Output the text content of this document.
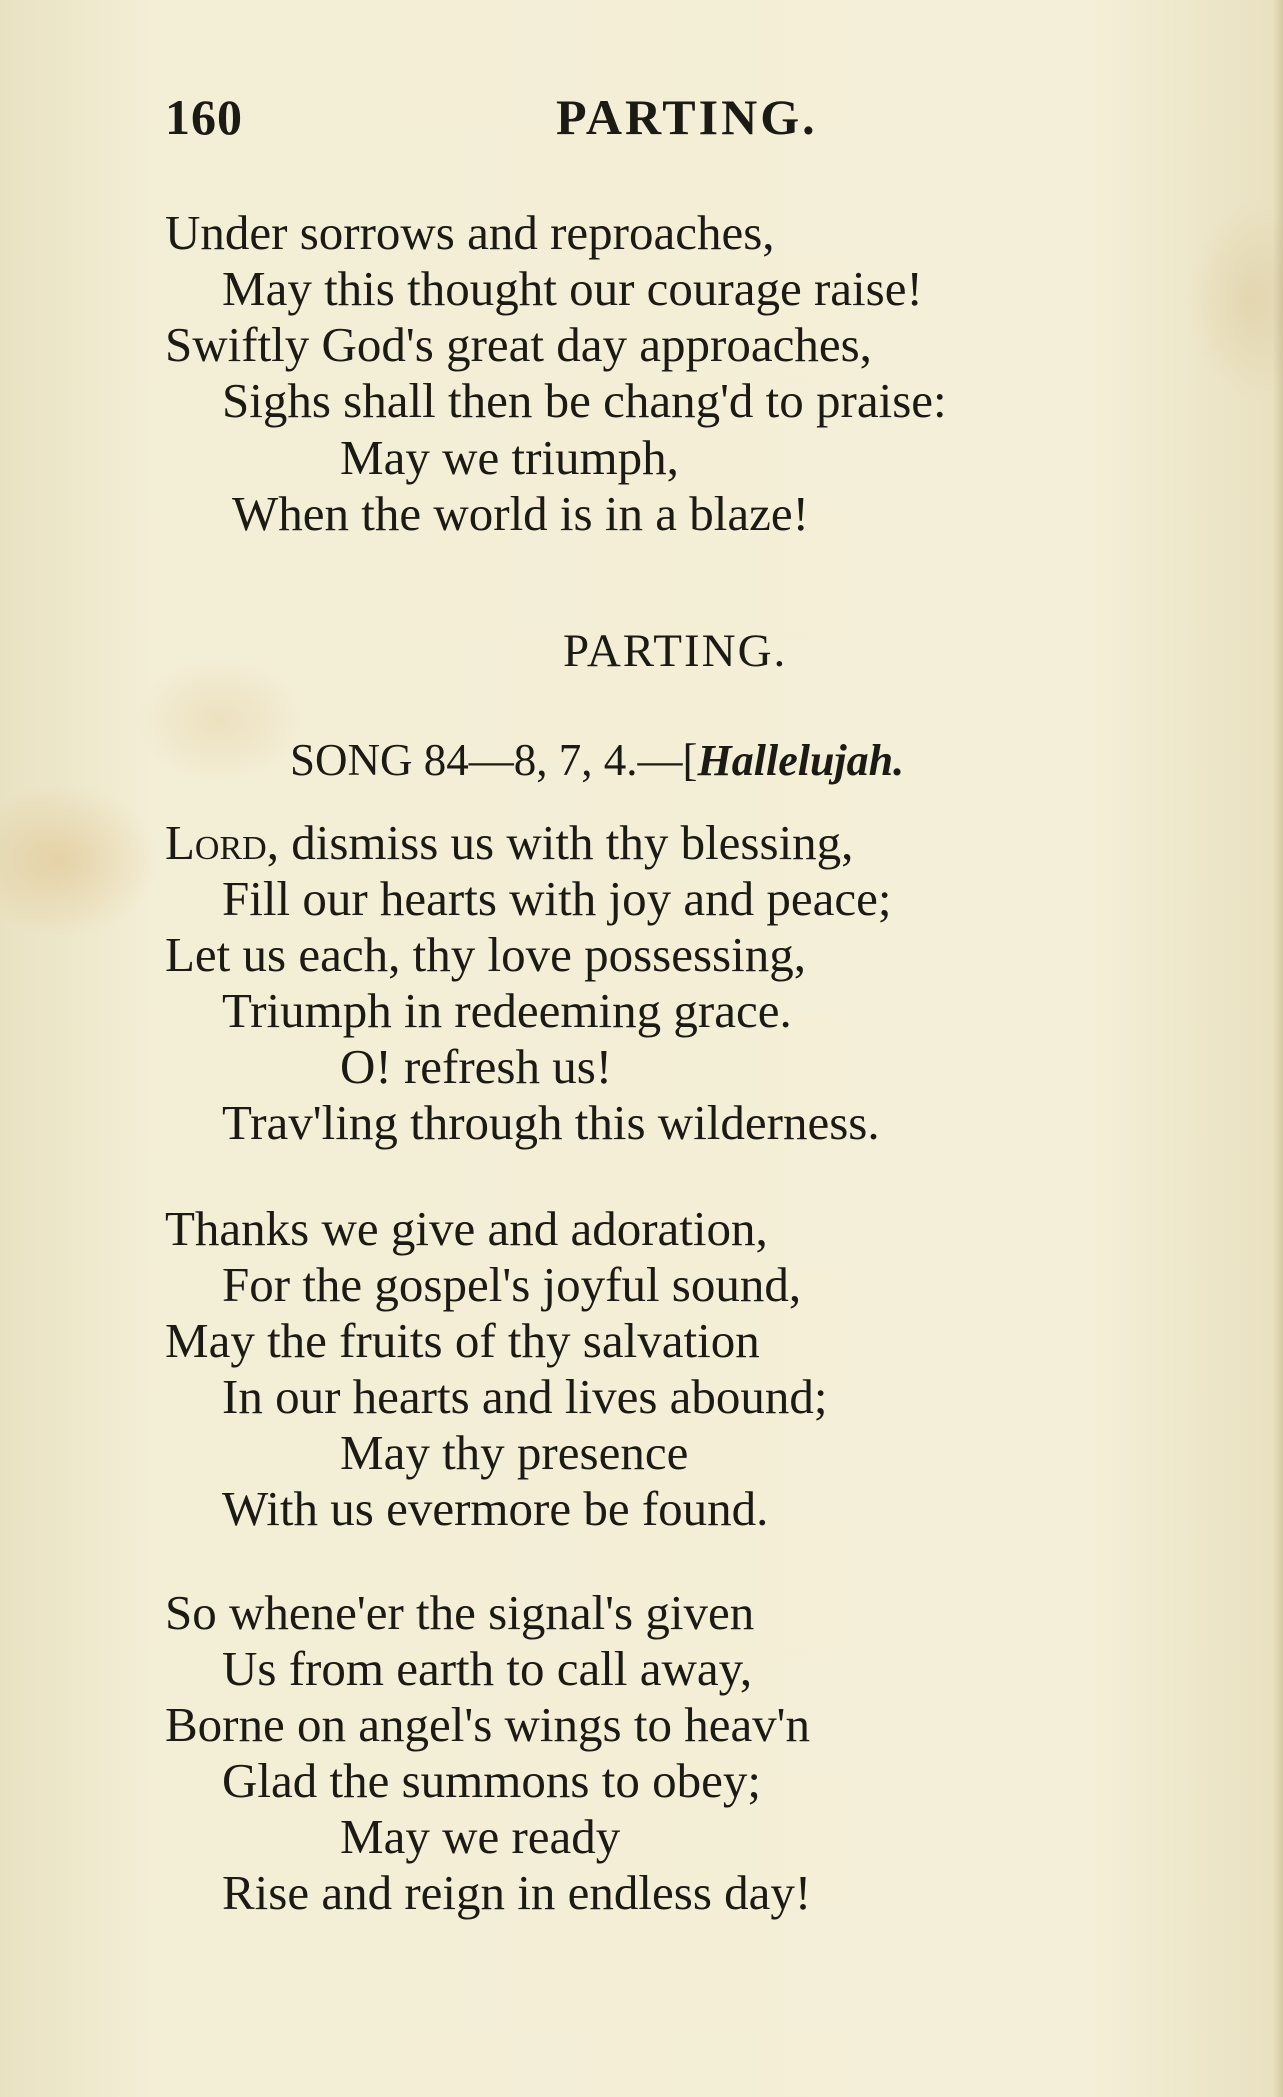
160	PARTING.
Under sorrows and reproaches,
May this thought our courage raise!
Swiftly God's great day approaches,
Sighs shall then be chang'd to praise:
May we triumph,
When the world is in a blaze!
PARTING.
SONG 84—8, 7, 4.—[Hallelujah.
Lord, dismiss us with thy blessing,
Fill our hearts with joy and peace;
Let us each, thy love possessing,
Triumph in redeeming grace.
O! refresh us!
Trav'ling through this wilderness.
Thanks we give and adoration,
For the gospel's joyful sound,
May the fruits of thy salvation
In our hearts and lives abound;
May thy presence
With us evermore be found.
So whene'er the signal's given
Us from earth to call away,
Borne on angel's wings to heav'n
Glad the summons to obey;
May we ready
Rise and reign in endless day!
